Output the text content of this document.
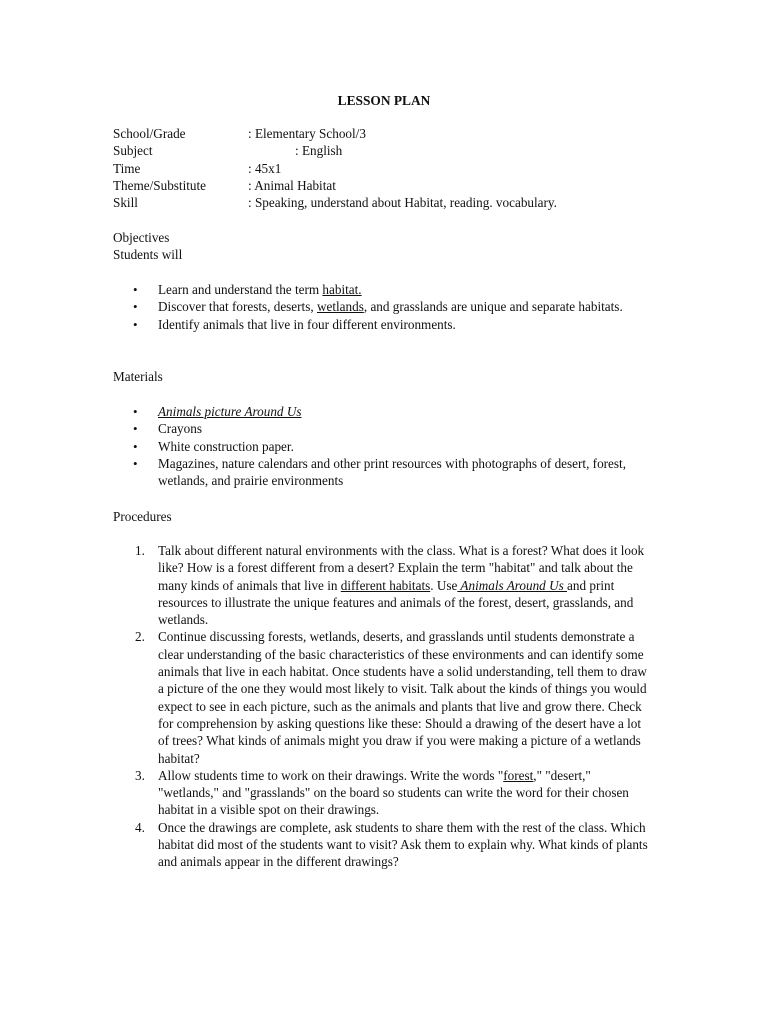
LESSON PLAN
School/Grade	: Elementary School/3
Subject	: English
Time	: 45x1
Theme/Substitute	: Animal Habitat
Skill	: Speaking, understand about Habitat, reading. vocabulary.
Objectives
Students will
• Learn and understand the term habitat.
• Discover that forests, deserts, wetlands, and grasslands are unique and separate habitats.
• Identify animals that live in four different environments.
Materials
• Animals picture Around Us
• Crayons
• White construction paper.
• Magazines, nature calendars and other print resources with photographs of desert, forest, wetlands, and prairie environments
Procedures
1. Talk about different natural environments with the class. What is a forest? What does it look like? How is a forest different from a desert? Explain the term "habitat" and talk about the many kinds of animals that live in different habitats. Use Animals Around Us and print resources to illustrate the unique features and animals of the forest, desert, grasslands, and wetlands.
2. Continue discussing forests, wetlands, deserts, and grasslands until students demonstrate a clear understanding of the basic characteristics of these environments and can identify some animals that live in each habitat. Once students have a solid understanding, tell them to draw a picture of the one they would most likely to visit. Talk about the kinds of things you would expect to see in each picture, such as the animals and plants that live and grow there. Check for comprehension by asking questions like these: Should a drawing of the desert have a lot of trees? What kinds of animals might you draw if you were making a picture of a wetlands habitat?
3. Allow students time to work on their drawings. Write the words "forest," "desert," "wetlands," and "grasslands" on the board so students can write the word for their chosen habitat in a visible spot on their drawings.
4. Once the drawings are complete, ask students to share them with the rest of the class. Which habitat did most of the students want to visit? Ask them to explain why. What kinds of plants and animals appear in the different drawings?
